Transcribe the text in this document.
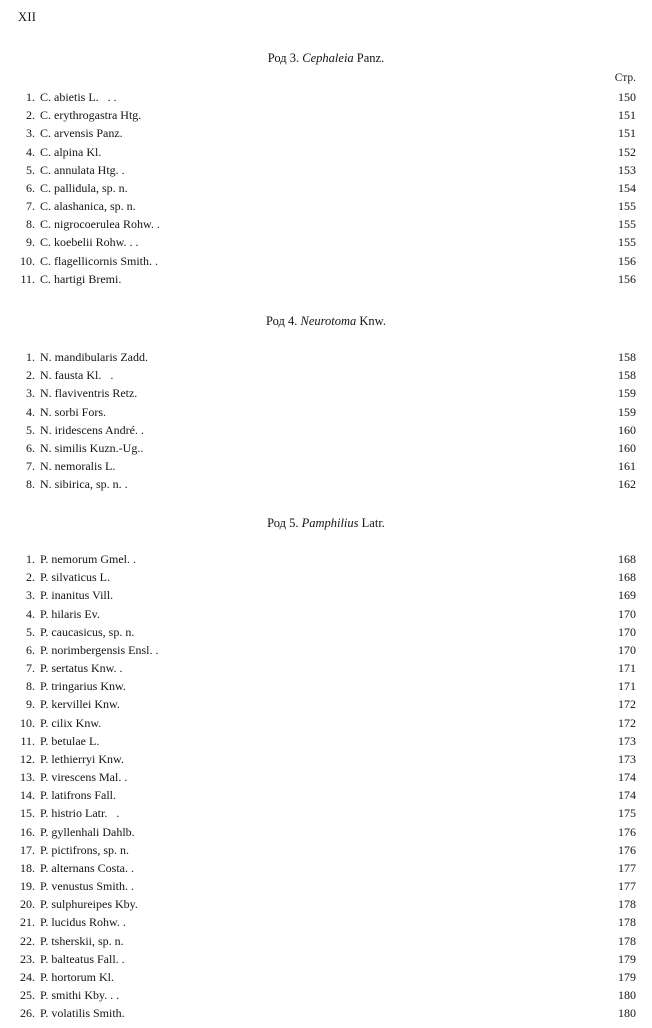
XII
Род 3. Cephaleia Panz.
Стр.
1. C. abietis L.   . .	150
2. C. erythrogastra Htg.	151
3. C. arvensis Panz.	151
4. C. alpina Kl.	152
5. C. annulata Htg. .	153
6. C. pallidula, sp. n.	154
7. C. alashanica, sp. n.	155
8. C. nigrocoerulea Rohw. .	155
9. C. koebelii Rohw. . .	155
10. C. flagellicornis Smith. .	156
11. C. hartigi Bremi.	156
Род 4. Neurotoma Knw.
1. N. mandibularis Zadd.	158
2. N. fausta Kl.   .	158
3. N. flaviventris Retz.	159
4. N. sorbi Fors.	159
5. N. iridescens André. .	160
6. N. similis Kuzn.-Ug..	160
7. N. nemoralis L.	161
8. N. sibirica, sp. n. .	162
Род 5. Pamphilius Latr.
1. P. nemorum Gmel. .	168
2. P. silvaticus L.	168
3. P. inanitus Vill.	169
4. P. hilaris Ev.	170
5. P. caucasicus, sp. n.	170
6. P. norimbergensis Ensl. .	170
7. P. sertatus Knw. .	171
8. P. tringarius Knw.	171
9. P. kervillei Knw.	172
10. P. cilix Knw.	172
11. P. betulae L.	173
12. P. lethierryi Knw.	173
13. P. virescens Mal. .	174
14. P. latifrons Fall.	174
15. P. histrio Latr.   .	175
16. P. gyllenhali Dahlb.	176
17. P. pictifrons, sp. n.	176
18. P. alternans Costa. .	177
19. P. venustus Smith. .	177
20. P. sulphureipes Kby.	178
21. P. lucidus Rohw. .	178
22. P. tsherskii, sp. n.	178
23. P. balteatus Fall. .	179
24. P. hortorum Kl.	179
25. P. smithi Kby. . .	180
26. P. volatilis Smith.	180
